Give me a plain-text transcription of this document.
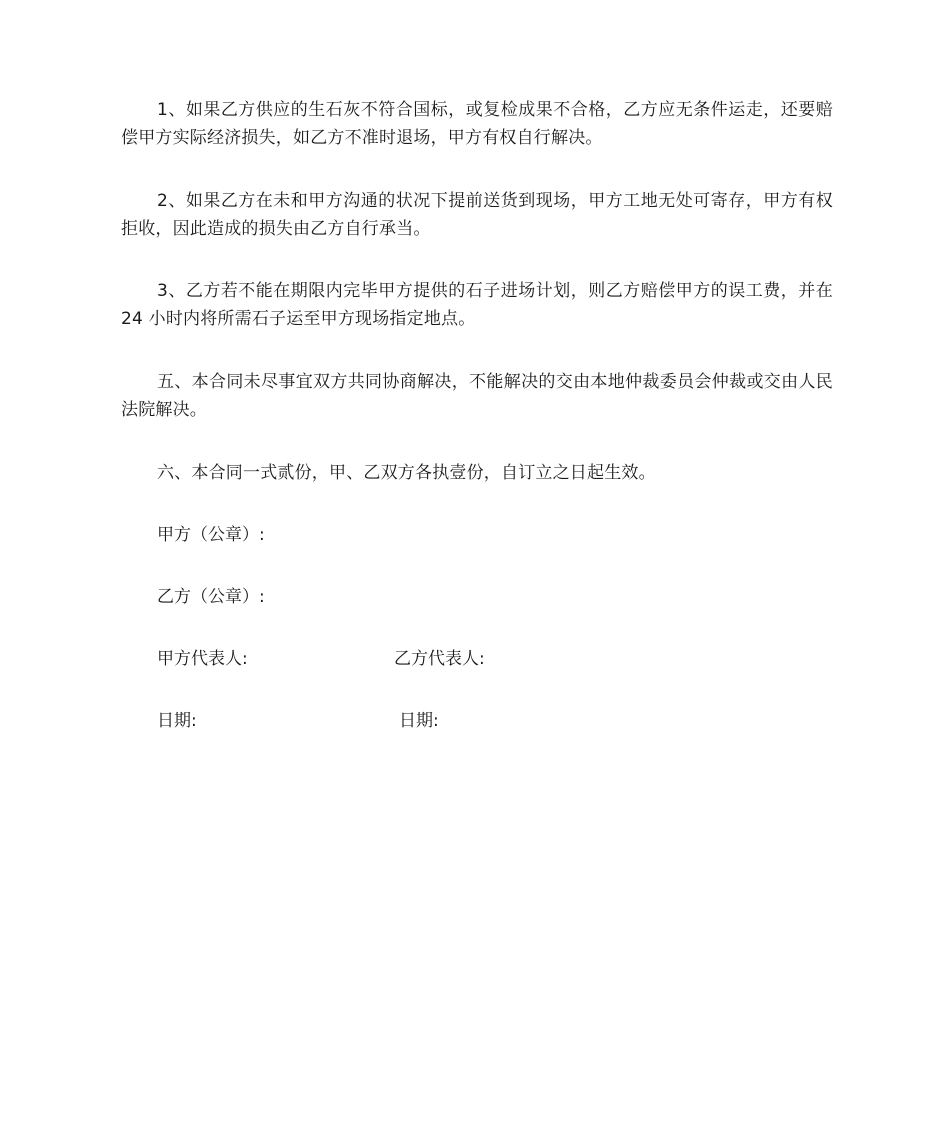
1、如果乙方供应的生石灰不符合国标，或复检成果不合格，乙方应无条件运走，还要赔偿甲方实际经济损失，如乙方不准时退场，甲方有权自行解决。

2、如果乙方在未和甲方沟通的状况下提前送货到现场，甲方工地无处可寄存，甲方有权拒收，因此造成的损失由乙方自行承当。

3、乙方若不能在期限内完毕甲方提供的石子进场计划，则乙方赔偿甲方的误工费，并在 24 小时内将所需石子运至甲方现场指定地点。

五、本合同未尽事宜双方共同协商解决，不能解决的交由本地仲裁委员会仲裁或交由人民法院解决。

六、本合同一式贰份，甲、乙双方各执壹份，自订立之日起生效。

甲方（公章）:

乙方（公章）:

甲方代表人:	乙方代表人:

日期:	日期:
